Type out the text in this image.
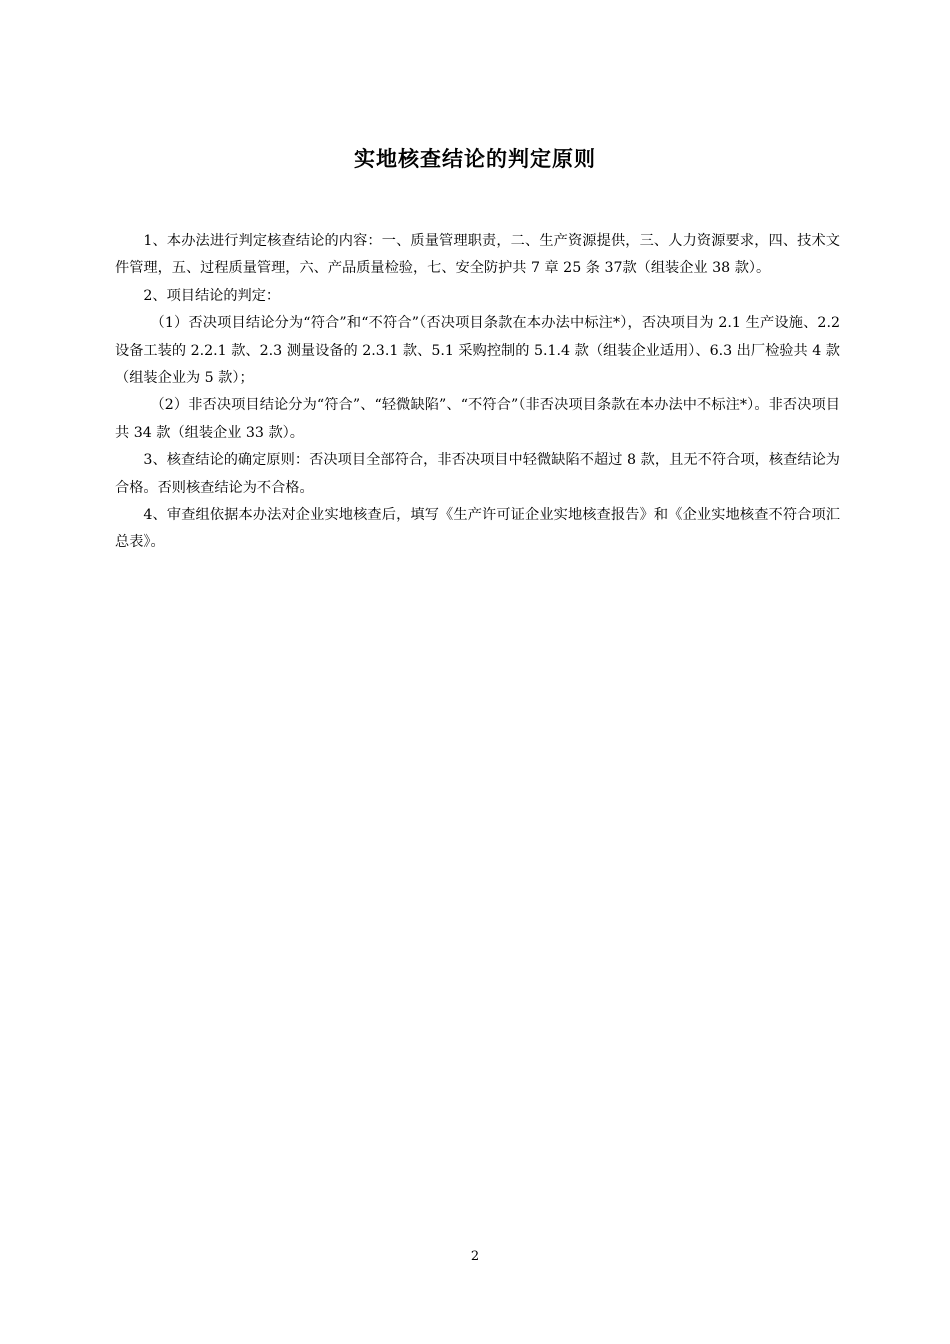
实地核查结论的判定原则

1、本办法进行判定核查结论的内容：一、质量管理职责，二、生产资源提供，三、人力资源要求，四、技术文件管理，五、过程质量管理，六、产品质量检验，七、安全防护共 7 章 25 条 37款（组装企业 38 款）。

2、项目结论的判定：

（1）否决项目结论分为“符合”和“不符合”（否决项目条款在本办法中标注*），否决项目为 2.1 生产设施、2.2 设备工装的 2.2.1 款、2.3 测量设备的 2.3.1 款、5.1 采购控制的 5.1.4 款（组装企业适用）、6.3 出厂检验共 4 款（组装企业为 5 款）；

（2）非否决项目结论分为“符合”、“轻微缺陷”、“不符合”（非否决项目条款在本办法中不标注*）。非否决项目共 34 款（组装企业 33 款）。

3、核查结论的确定原则：否决项目全部符合，非否决项目中轻微缺陷不超过 8 款，且无不符合项，核查结论为合格。否则核查结论为不合格。

4、审查组依据本办法对企业实地核查后，填写《生产许可证企业实地核查报告》和《企业实地核查不符合项汇总表》。

2
